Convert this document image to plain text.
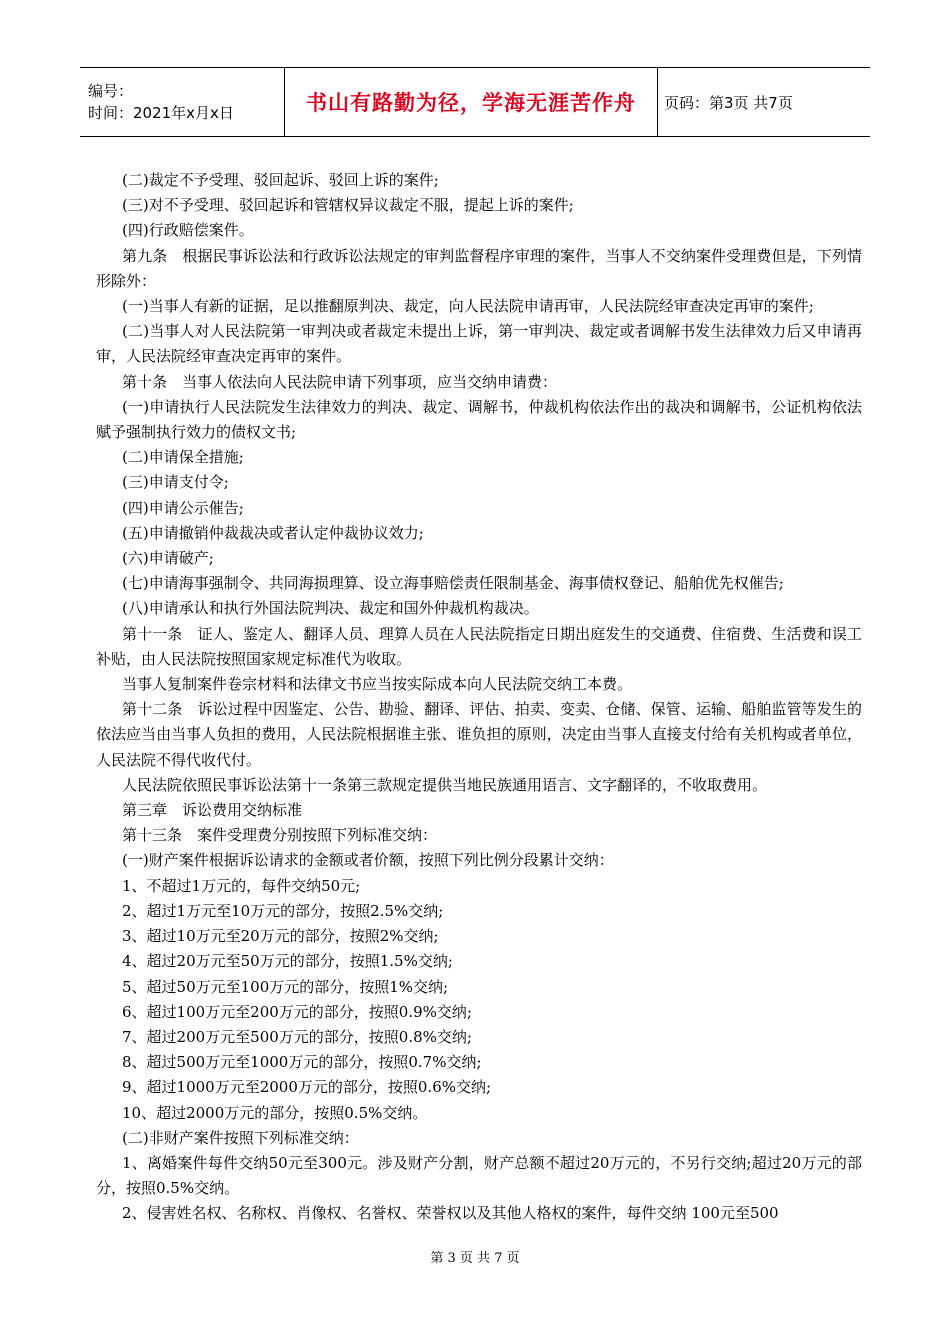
编号：
时间：2021年x月x日	书山有路勤为径，学海无涯苦作舟	页码：第3页 共7页

(二)裁定不予受理、驳回起诉、驳回上诉的案件;

(三)对不予受理、驳回起诉和管辖权异议裁定不服，提起上诉的案件;

(四)行政赔偿案件。

第九条　根据民事诉讼法和行政诉讼法规定的审判监督程序审理的案件，当事人不交纳案件受理费但是，下列情形除外：

(一)当事人有新的证据，足以推翻原判决、裁定，向人民法院申请再审，人民法院经审查决定再审的案件;

(二)当事人对人民法院第一审判决或者裁定未提出上诉，第一审判决、裁定或者调解书发生法律效力后又申请再审，人民法院经审查决定再审的案件。

第十条　当事人依法向人民法院申请下列事项，应当交纳申请费：

(一)申请执行人民法院发生法律效力的判决、裁定、调解书，仲裁机构依法作出的裁决和调解书，公证机构依法赋予强制执行效力的债权文书;

(二)申请保全措施;

(三)申请支付令;

(四)申请公示催告;

(五)申请撤销仲裁裁决或者认定仲裁协议效力;

(六)申请破产;

(七)申请海事强制令、共同海损理算、设立海事赔偿责任限制基金、海事债权登记、船舶优先权催告;

(八)申请承认和执行外国法院判决、裁定和国外仲裁机构裁决。

第十一条　证人、鉴定人、翻译人员、理算人员在人民法院指定日期出庭发生的交通费、住宿费、生活费和误工补贴，由人民法院按照国家规定标准代为收取。

当事人复制案件卷宗材料和法律文书应当按实际成本向人民法院交纳工本费。

第十二条　诉讼过程中因鉴定、公告、勘验、翻译、评估、拍卖、变卖、仓储、保管、运输、船舶监管等发生的依法应当由当事人负担的费用，人民法院根据谁主张、谁负担的原则，决定由当事人直接支付给有关机构或者单位，人民法院不得代收代付。

人民法院依照民事诉讼法第十一条第三款规定提供当地民族通用语言、文字翻译的，不收取费用。

第三章　诉讼费用交纳标准

第十三条　案件受理费分别按照下列标准交纳：

(一)财产案件根据诉讼请求的金额或者价额，按照下列比例分段累计交纳：

1、不超过1万元的，每件交纳50元;

2、超过1万元至10万元的部分，按照2.5%交纳;

3、超过10万元至20万元的部分，按照2%交纳;

4、超过20万元至50万元的部分，按照1.5%交纳;

5、超过50万元至100万元的部分，按照1%交纳;

6、超过100万元至200万元的部分，按照0.9%交纳;

7、超过200万元至500万元的部分，按照0.8%交纳;

8、超过500万元至1000万元的部分，按照0.7%交纳;

9、超过1000万元至2000万元的部分，按照0.6%交纳;

10、超过2000万元的部分，按照0.5%交纳。

(二)非财产案件按照下列标准交纳：

1、离婚案件每件交纳50元至300元。涉及财产分割，财产总额不超过20万元的，不另行交纳;超过20万元的部分，按照0.5%交纳。

2、侵害姓名权、名称权、肖像权、名誉权、荣誉权以及其他人格权的案件，每件交纳 100元至500

第 3 页 共 7 页
